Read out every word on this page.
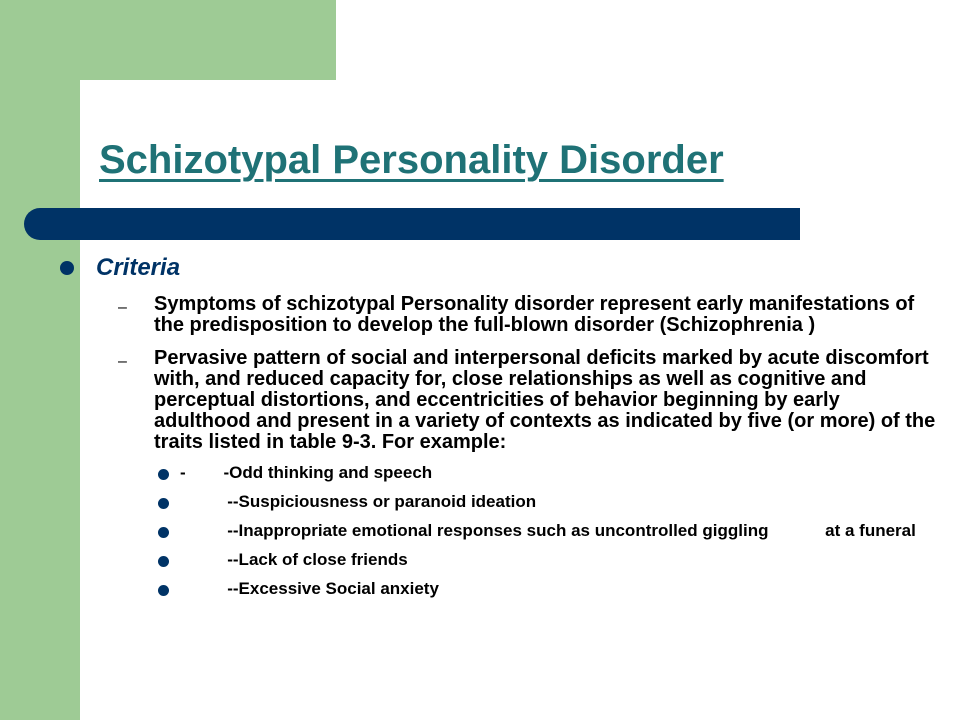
Schizotypal Personality Disorder
Criteria
–	Symptoms of schizotypal Personality disorder represent early manifestations of the predisposition to develop the full-blown disorder (Schizophrenia )
–	Pervasive pattern of social and interpersonal deficits marked by acute discomfort with, and reduced capacity for, close relationships as well as cognitive and perceptual distortions, and eccentricities of behavior beginning by early adulthood and present in a variety of contexts as indicated by five (or more) of the traits listed in table 9-3. For example:
-        -Odd thinking and speech
--Suspiciousness or paranoid ideation
--Inappropriate emotional responses such as uncontrolled giggling            at a funeral
--Lack of close friends
--Excessive Social anxiety
